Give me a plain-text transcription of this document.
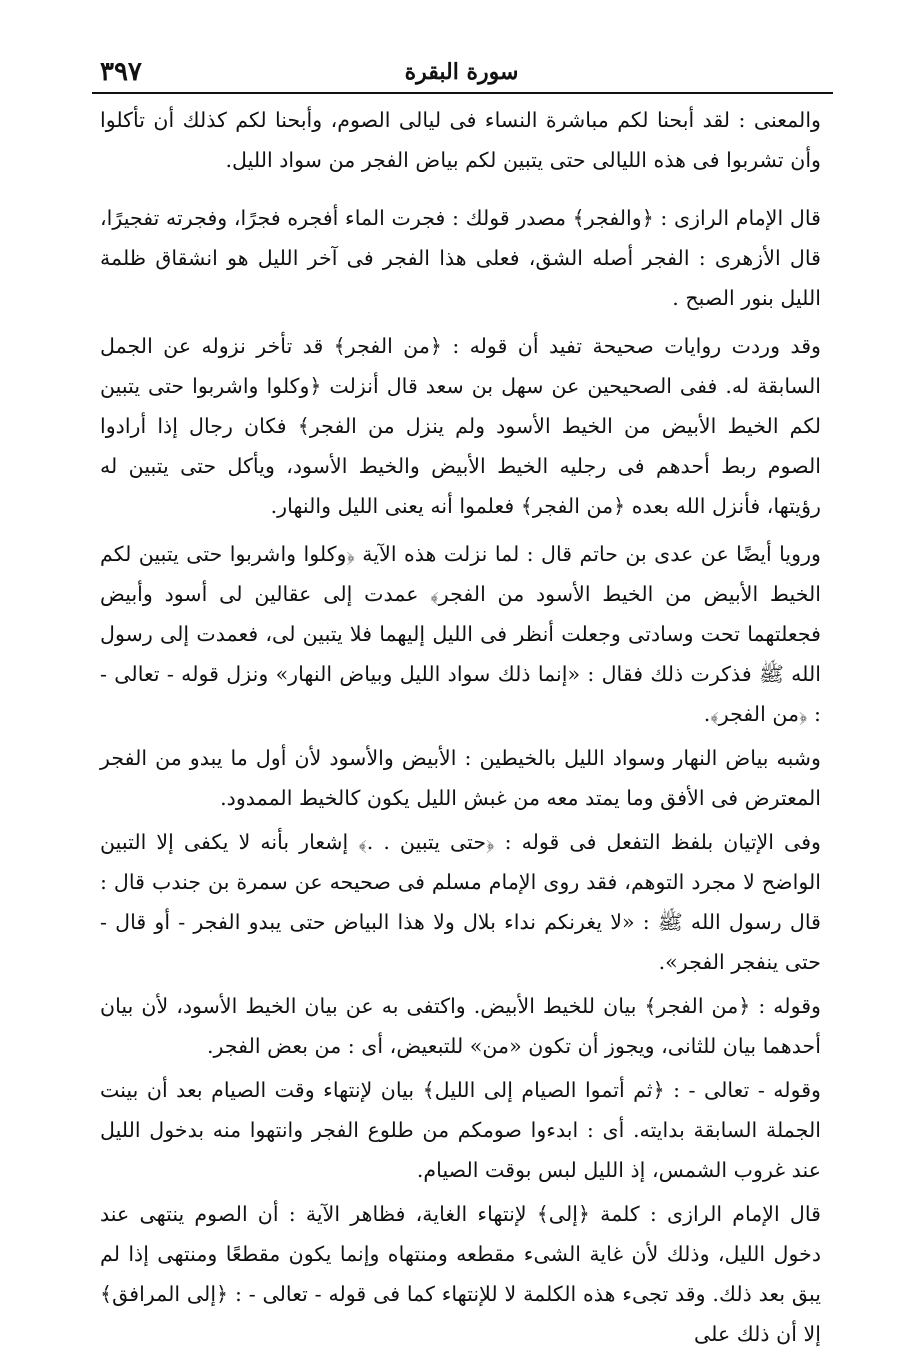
٣٩٧	سورة البقرة

والمعنى : لقد أبحنا لكم مباشرة النساء فى ليالى الصوم، وأبحنا لكم كذلك أن تأكلوا وأن تشربوا فى هذه الليالى حتى يتبين لكم بياض الفجر من سواد الليل.

قال الإمام الرازى : ﴿والفجر﴾ مصدر قولك : فجرت الماء أفجره فجرًا، وفجرته تفجيرًا، قال الأزهرى : الفجر أصله الشق، فعلى هذا الفجر فى آخر الليل هو انشقاق ظلمة الليل بنور الصبح .

وقد وردت روايات صحيحة تفيد أن قوله : ﴿من الفجر﴾ قد تأخر نزوله عن الجمل السابقة له. ففى الصحيحين عن سهل بن سعد قال أنزلت ﴿وكلوا واشربوا حتى يتبين لكم الخيط الأبيض من الخيط الأسود ولم ينزل من الفجر﴾ فكان رجال إذا أرادوا الصوم ربط أحدهم فى رجليه الخيط الأبيض والخيط الأسود، ويأكل حتى يتبين له رؤيتها، فأنزل الله بعده ﴿من الفجر﴾ فعلموا أنه يعنى الليل والنهار.

ورويا أيضًا عن عدى بن حاتم قال : لما نزلت هذه الآية ﴿وكلوا واشربوا حتى يتبين لكم الخيط الأبيض من الخيط الأسود من الفجر﴾ عمدت إلى عقالين لى أسود وأبيض فجعلتهما تحت وسادتى وجعلت أنظر فى الليل إليهما فلا يتبين لى، فعمدت إلى رسول الله ﷺ فذكرت ذلك فقال : «إنما ذلك سواد الليل وبياض النهار» ونزل قوله - تعالى - : ﴿من الفجر﴾.

وشبه بياض النهار وسواد الليل بالخيطين : الأبيض والأسود لأن أول ما يبدو من الفجر المعترض فى الأفق وما يمتد معه من غبش الليل يكون كالخيط الممدود.

وفى الإتيان بلفظ التفعل فى قوله : ﴿حتى يتبين . .﴾ إشعار بأنه لا يكفى إلا التبين الواضح لا مجرد التوهم، فقد روى الإمام مسلم فى صحيحه عن سمرة بن جندب قال : قال رسول الله ﷺ : «لا يغرنكم نداء بلال ولا هذا البياض حتى يبدو الفجر - أو قال - حتى ينفجر الفجر».

وقوله : ﴿من الفجر﴾ بيان للخيط الأبيض. واكتفى به عن بيان الخيط الأسود، لأن بيان أحدهما بيان للثانى، ويجوز أن تكون «من» للتبعيض، أى : من بعض الفجر.

وقوله - تعالى - : ﴿ثم أتموا الصيام إلى الليل﴾ بيان لإنتهاء وقت الصيام بعد أن بينت الجملة السابقة بدايته. أى : ابدءوا صومكم من طلوع الفجر وانتهوا منه بدخول الليل عند غروب الشمس، إذ الليل لبس بوقت الصيام.

قال الإمام الرازى : كلمة ﴿إلى﴾ لإنتهاء الغاية، فظاهر الآية : أن الصوم ينتهى عند دخول الليل، وذلك لأن غاية الشىء مقطعه ومنتهاه وإنما يكون مقطعًا ومنتهى إذا لم يبق بعد ذلك. وقد تجىء هذه الكلمة لا للإنتهاء كما فى قوله - تعالى - : ﴿إلى المرافق﴾ إلا أن ذلك على
